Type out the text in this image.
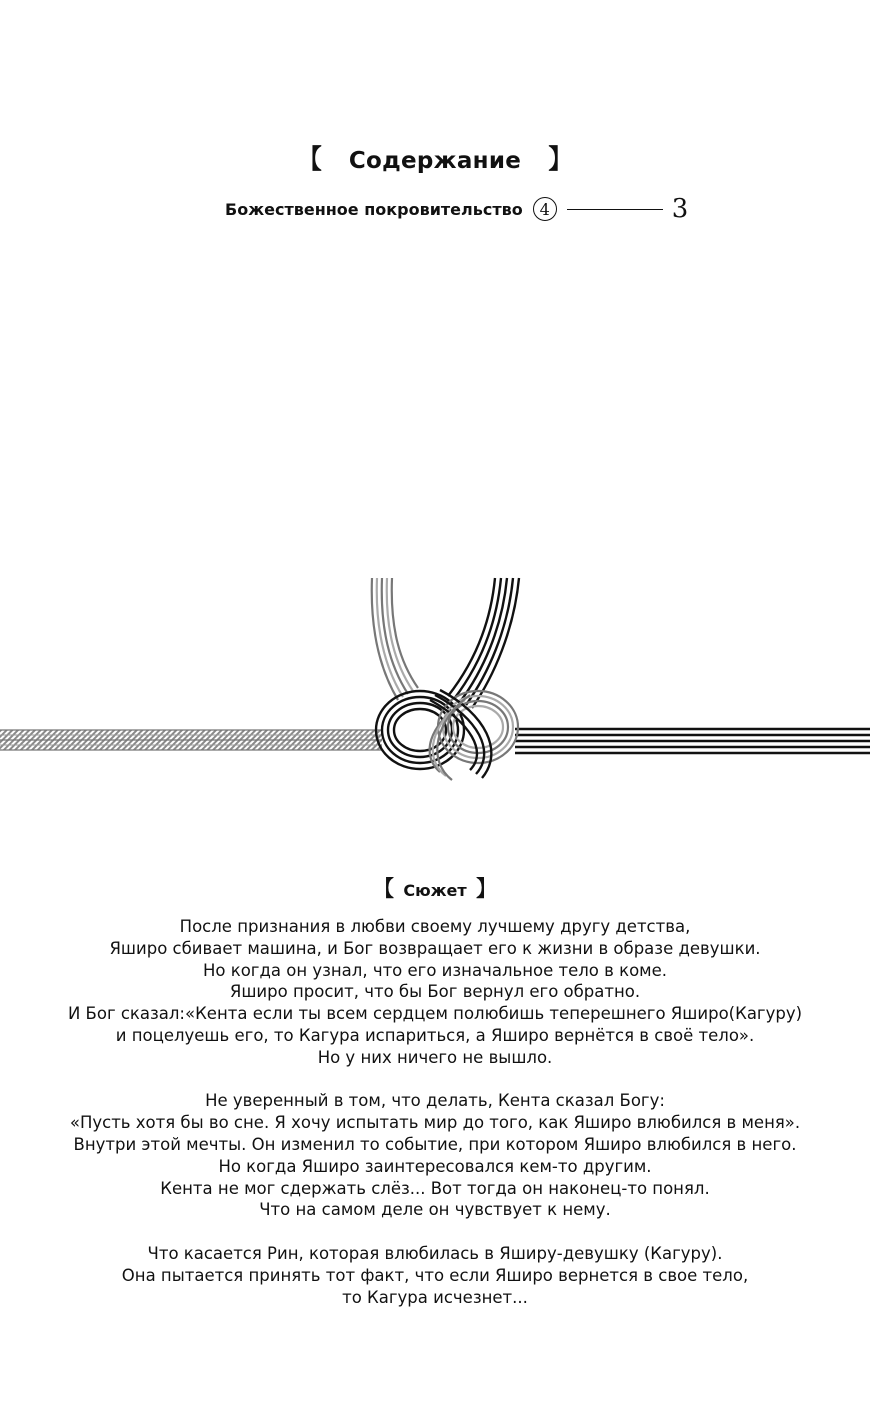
【 Содержание 】
Божественное покровительство	4	3
【 Сюжет 】
После признания в любви своему лучшему другу детства,
Яширо сбивает машина, и Бог возвращает его к жизни в образе девушки.
Но когда он узнал, что его изначальное тело в коме.
Яширо просит, что бы Бог вернул его обратно.
И Бог сказал:«Кента если ты всем сердцем полюбишь теперешнего Яширо(Кагуру)
и поцелуешь его, то Кагура испариться, а Яширо вернётся в своё тело».
Но у них ничего не вышло.
Не уверенный в том, что делать, Кента сказал Богу:
«Пусть хотя бы во сне. Я хочу испытать мир до того, как Яширо влюбился в меня».
Внутри этой мечты. Он изменил то событие, при котором Яширо влюбился в него.
Но когда Яширо заинтересовался кем-то другим.
Кента не мог сдержать слёз... Вот тогда он наконец-то понял.
Что на самом деле он чувствует к нему.
Что касается Рин, которая влюбилась в Яширу-девушку (Кагуру).
Она пытается принять тот факт, что если Яширо вернется в свое тело,
то Кагура исчезнет...
